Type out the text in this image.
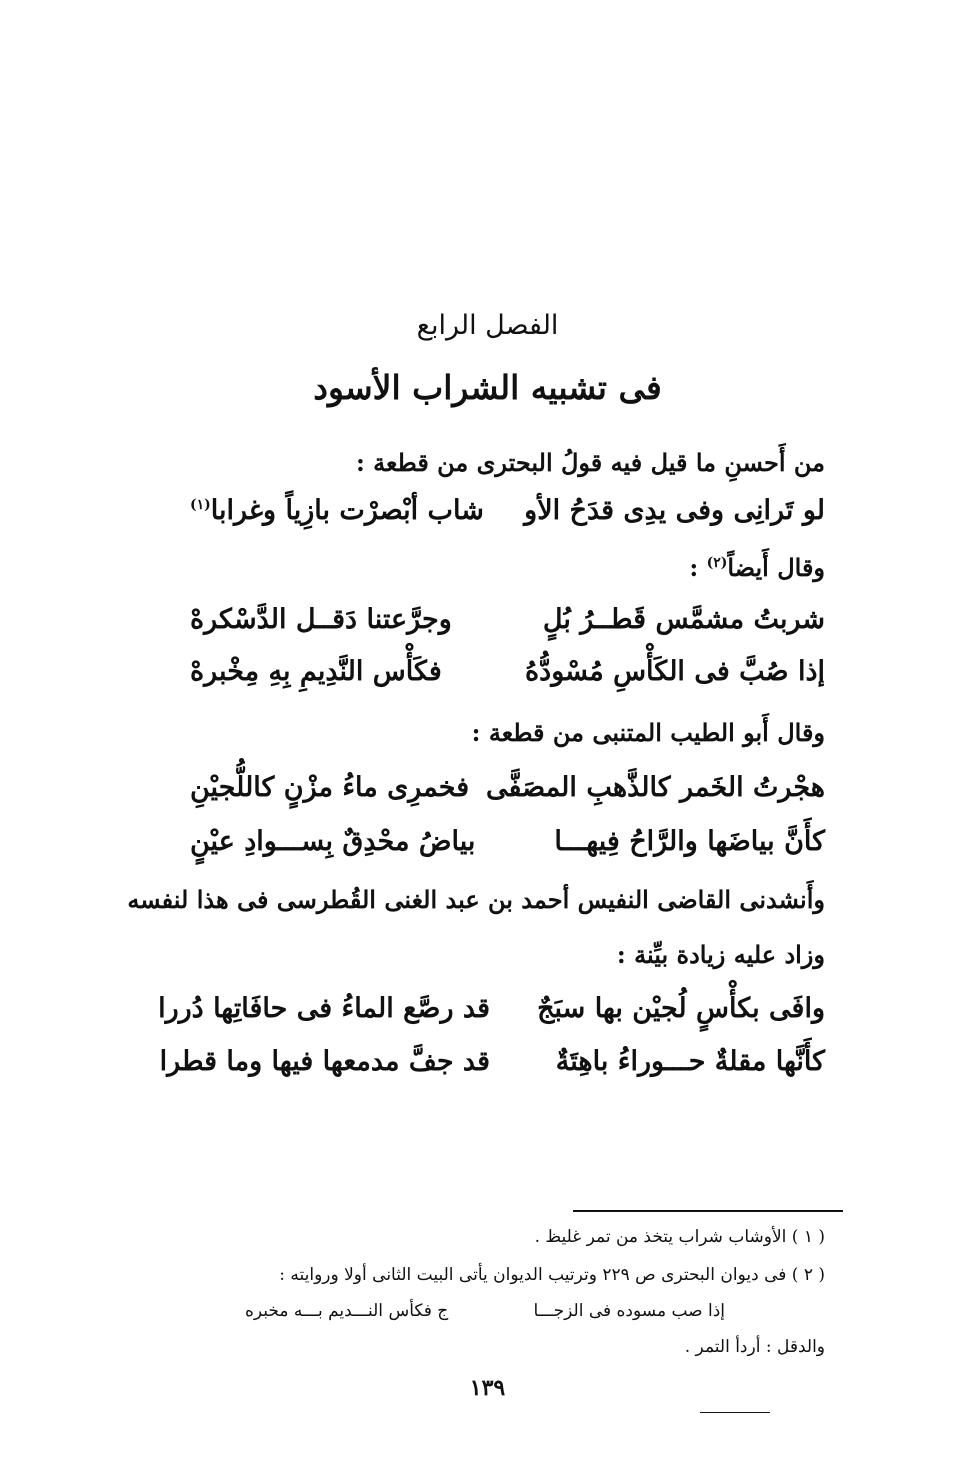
الفصل الرابع
فى تشبيه الشراب الأسود
من أَحسنِ ما قيل فيه قولُ البحترى من قطعة :
لو تَرانِى وفى يدِى قدَحُ الأو
شاب أبْصرْت بازِياً وغرابا(١)
وقال أَيضاً$^{(٢)}$ :
شربتُ مشمَّس قَطــرُ بُلٍ
وجرَّعتنا دَقــل الدَّسْكرهْ
إذا صُبَّ فى الكَأْسِ مُسْودُّهُ
فكَأْس النَّدِيمِ بِهِ مِخْبرهْ
وقال أَبو الطيب المتنبى من قطعة :
هجْرتُ الخَمر كالذَّهبِ المصَفَّى
فخمرِى ماءُ مزْنٍ كاللُّجيْنِ
كأَنَّ بياضَها والرَّاحُ فِيهـــا
بياضُ محْدِقٌ بِســـوادِ عيْنٍ
وأَنشدنى القاضى النفيس أحمد بن عبد الغنى القُطرسى فى هذا لنفسه
وزاد عليه زيادة بيِّنة :
وافَى بكأْسٍ لُجيْن بها سبَجٌ
قد رصَّع الماءُ فى حافَاتِها دُررا
كأَنَّها مقلةٌ حـــوراءُ باهِتَةٌ
قد جفَّ مدمعها فيها وما قطرا
( ١ ) الأوشاب شراب يتخذ من تمر غليظ .
( ٢ ) فى ديوان البحترى ص ٢٢٩ وترتيب الديوان يأتى البيت الثانى أولا وروايته :
إذا صب مسوده فى الزجـــا
ج فكأس النـــديم بـــه مخبره
والدقل : أردأ التمر .
١٣٩
